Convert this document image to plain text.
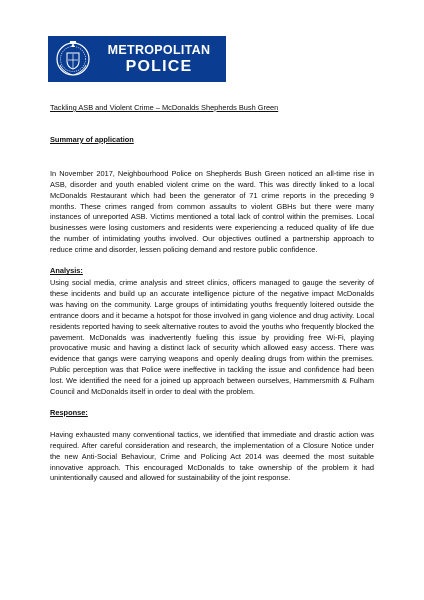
METROPOLITAN
POLICE

Tackling ASB and Violent Crime – McDonalds Shepherds Bush Green

Summary of application

In November 2017, Neighbourhood Police on Shepherds Bush Green noticed an all-time rise in ASB, disorder and youth enabled violent crime on the ward. This was directly linked to a local McDonalds Restaurant which had been the generator of 71 crime reports in the preceding 9 months. These crimes ranged from common assaults to violent GBHs but there were many instances of unreported ASB. Victims mentioned a total lack of control within the premises. Local businesses were losing customers and residents were experiencing a reduced quality of life due the number of intimidating youths involved. Our objectives outlined a partnership approach to reduce crime and disorder, lessen policing demand and restore public confidence.

Analysis:

Using social media, crime analysis and street clinics, officers managed to gauge the severity of these incidents and build up an accurate intelligence picture of the negative impact McDonalds was having on the community. Large groups of intimidating youths frequently loitered outside the entrance doors and it became a hotspot for those involved in gang violence and drug activity. Local residents reported having to seek alternative routes to avoid the youths who frequently blocked the pavement. McDonalds was inadvertently fueling this issue by providing free Wi-Fi, playing provocative music and having a distinct lack of security which allowed easy access. There was evidence that gangs were carrying weapons and openly dealing drugs from within the premises. Public perception was that Police were ineffective in tackling the issue and confidence had been lost. We identified the need for a joined up approach between ourselves, Hammersmith & Fulham Council and McDonalds itself in order to deal with the problem.

Response:

Having exhausted many conventional tactics, we identified that immediate and drastic action was required. After careful consideration and research, the implementation of a Closure Notice under the new Anti-Social Behaviour, Crime and Policing Act 2014 was deemed the most suitable innovative approach. This encouraged McDonalds to take ownership of the problem it had unintentionally caused and allowed for sustainability of the joint response.
